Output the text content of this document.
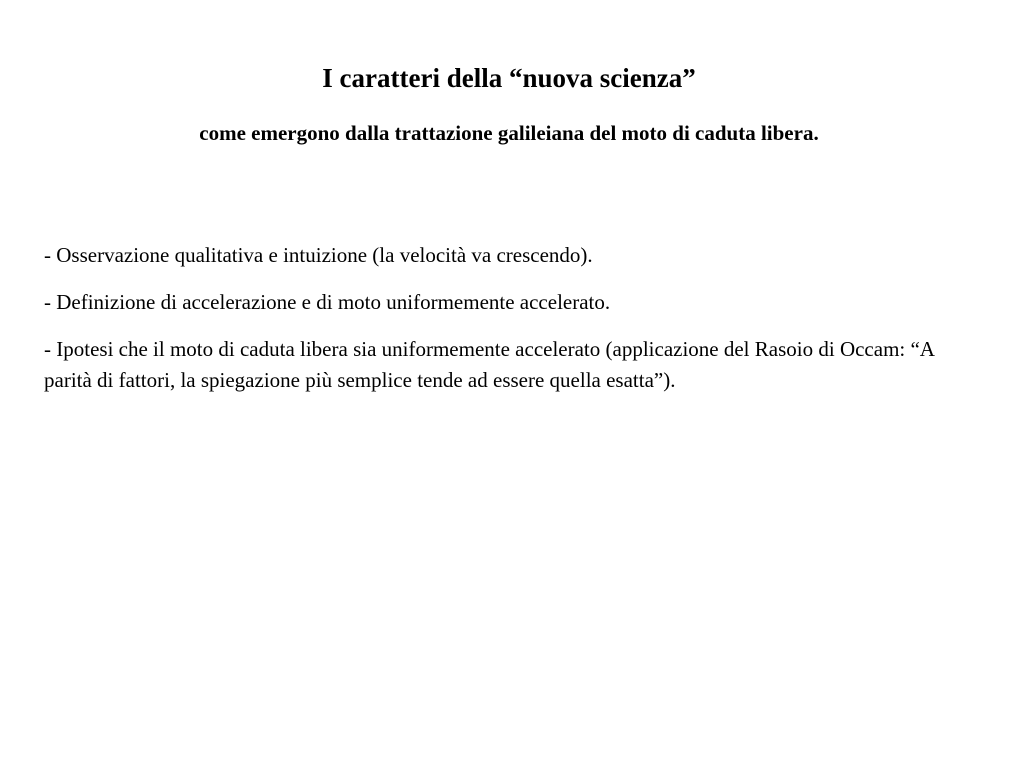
I caratteri della “nuova scienza”
come emergono dalla trattazione galileiana del moto di caduta libera.
- Osservazione qualitativa e intuizione (la velocità va crescendo).
- Definizione di accelerazione e di moto uniformemente accelerato.
- Ipotesi che il moto di caduta libera sia uniformemente accelerato (applicazione del Rasoio di Occam: “A parità di fattori, la spiegazione più semplice tende ad essere quella esatta”).
